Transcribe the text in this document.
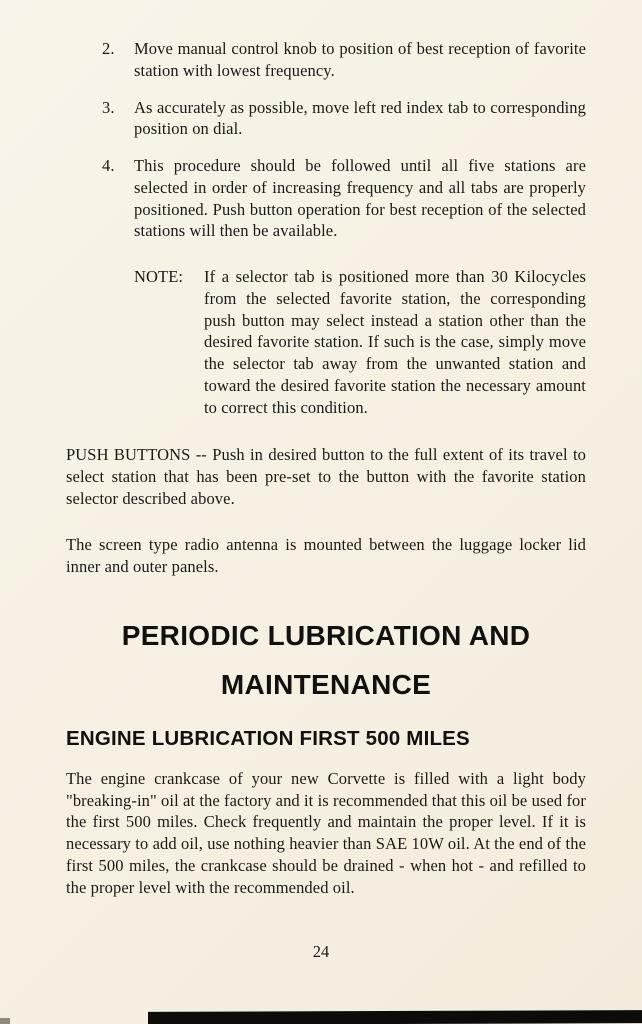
2.	Move manual control knob to position of best reception of favorite station with lowest frequency.
3.	As accurately as possible, move left red index tab to corresponding position on dial.
4.	This procedure should be followed until all five stations are selected in order of increasing frequency and all tabs are properly positioned. Push button operation for best reception of the selected stations will then be available.
NOTE:	If a selector tab is positioned more than 30 Kilocycles from the selected favorite station, the corresponding push button may select instead a station other than the desired favorite station. If such is the case, simply move the selector tab away from the unwanted station and toward the desired favorite station the necessary amount to correct this condition.

PUSH BUTTONS -- Push in desired button to the full extent of its travel to select station that has been pre-set to the button with the favorite station selector described above.

The screen type radio antenna is mounted between the luggage locker lid inner and outer panels.

PERIODIC LUBRICATION AND MAINTENANCE
ENGINE LUBRICATION FIRST 500 MILES

The engine crankcase of your new Corvette is filled with a light body "breaking-in" oil at the factory and it is recommended that this oil be used for the first 500 miles. Check frequently and maintain the proper level. If it is necessary to add oil, use nothing heavier than SAE 10W oil. At the end of the first 500 miles, the crankcase should be drained - when hot - and refilled to the proper level with the recommended oil.

24
